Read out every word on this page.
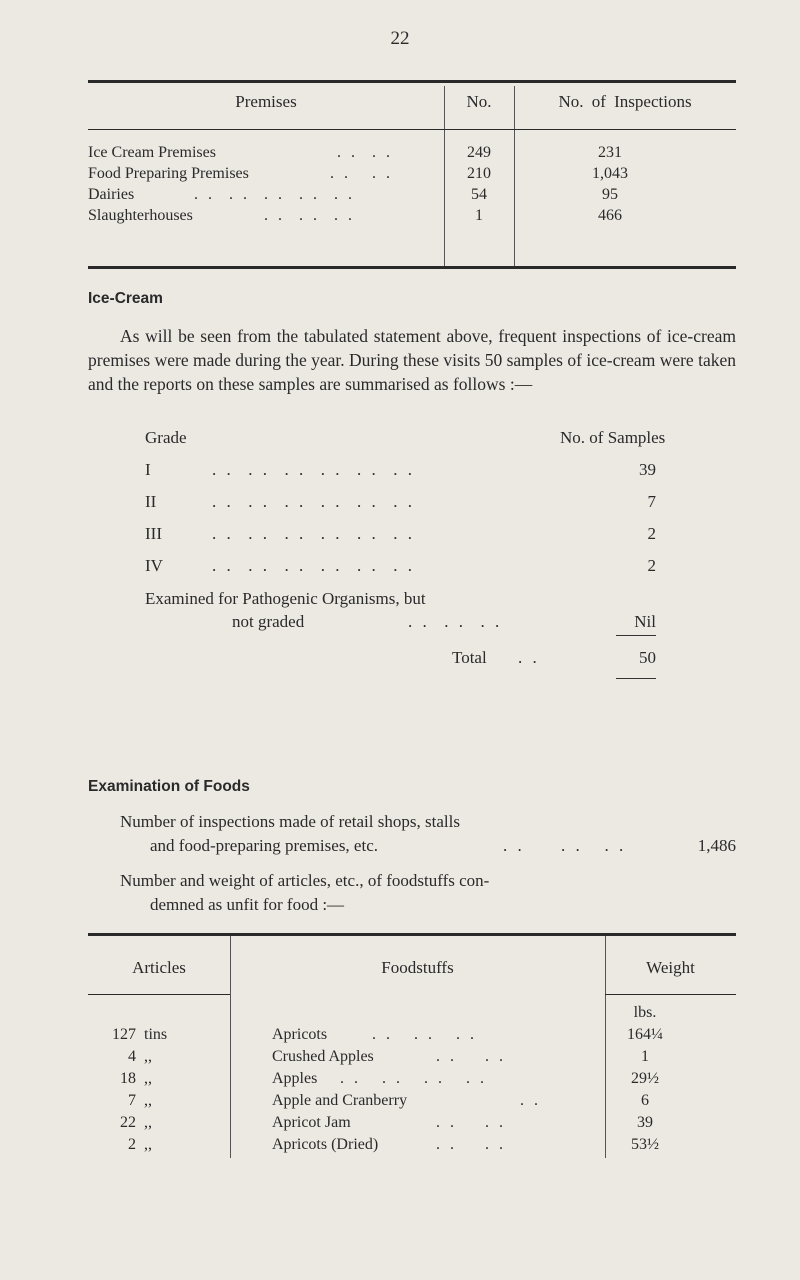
22
Premises	No.	No. of Inspections
Ice Cream Premises	. .  . .	249	231
Food Preparing Premises	. .   . .	210	1,043
Dairies	. .  . .  . .  . .  . .	54	95
Slaughterhouses	. .  . .  . .	1	466
Ice-Cream
As will be seen from the tabulated statement above, frequent inspections of ice-cream premises were made during the year. During these visits 50 samples of ice-cream were taken and the reports on these samples are summarised as follows :—
Grade	No. of Samples
I	. .  . .  . .  . .  . .  . .	39
II	. .  . .  . .  . .  . .  . .	7
III	. .  . .  . .  . .  . .  . .	2
IV	. .  . .  . .  . .  . .  . .	2
Examined for Pathogenic Organisms, but
not graded	. .  . .  . .	Nil
Total . .	50
Examination of Foods
Number of inspections made of retail shops, stalls
and food-preparing premises, etc.	. .     . .   . .	1,486
Number and weight of articles, etc., of foodstuffs con-
demned as unfit for food :—
Articles	Foodstuffs	Weight
lbs.
127 tins	Apricots	. .   . .   . .	164¼
4 ,,	Crushed Apples	. .    . .	1
18 ,,	Apples . .   . .   . .   . .	29½
7 ,,	Apple and Cranberry	. .	6
22 ,,	Apricot Jam	. .    . .	39
2 ,,	Apricots (Dried)	. .    . .	53½
